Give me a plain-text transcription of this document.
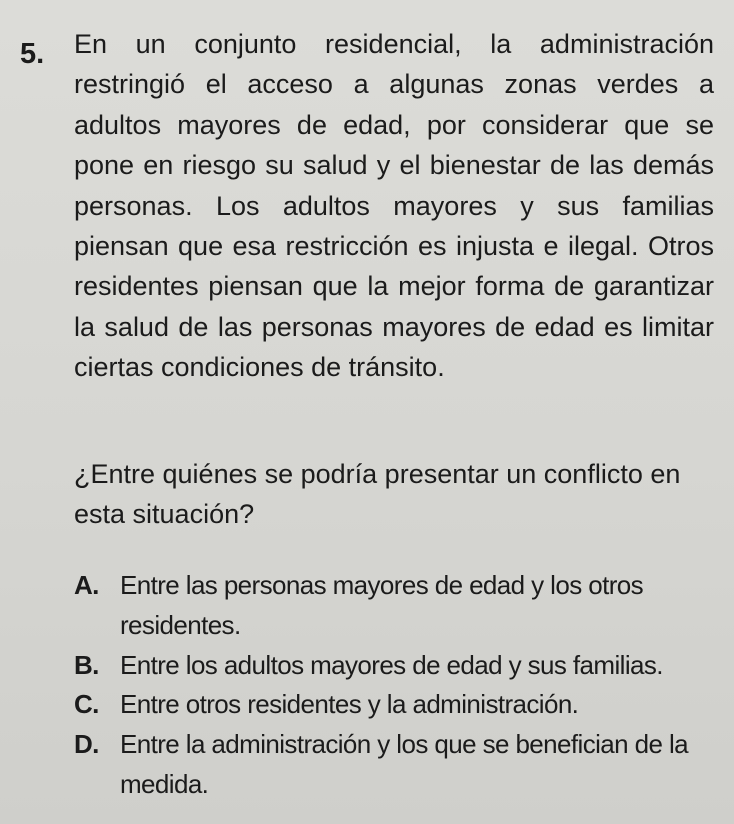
5. En un conjunto residencial, la administración restringió el acceso a algunas zonas verdes a adultos mayores de edad, por considerar que se pone en riesgo su salud y el bienestar de las demás personas. Los adultos mayores y sus familias piensan que esa restricción es injusta e ilegal. Otros residentes piensan que la mejor forma de garantizar la salud de las personas mayores de edad es limitar ciertas condiciones de tránsito.

¿Entre quiénes se podría presentar un conflicto en esta situación?

A. Entre las personas mayores de edad y los otros residentes.
B. Entre los adultos mayores de edad y sus familias.
C. Entre otros residentes y la administración.
D. Entre la administración y los que se benefician de la medida.
